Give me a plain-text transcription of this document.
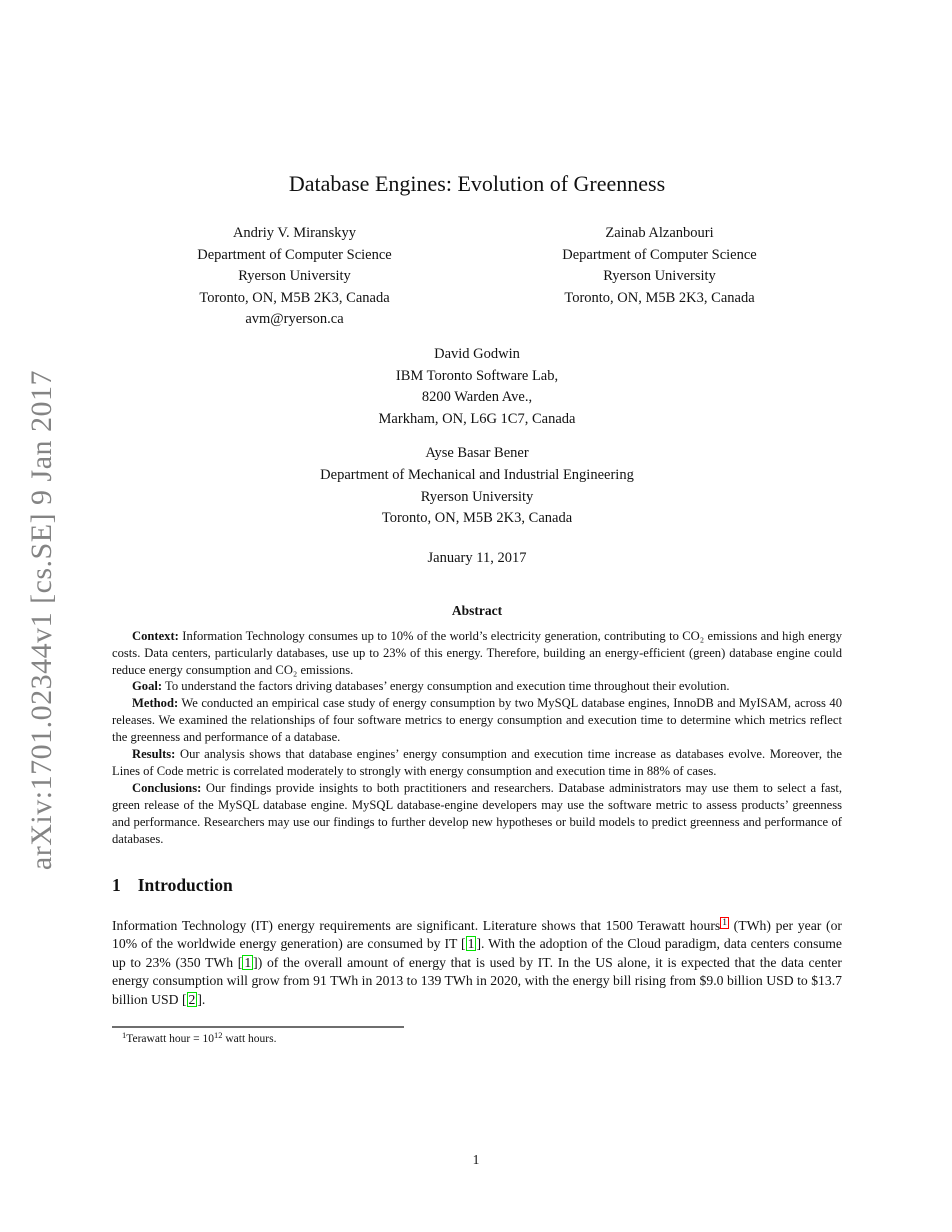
arXiv:1701.02344v1 [cs.SE] 9 Jan 2017
Database Engines: Evolution of Greenness
Andriy V. Miranskyy
Department of Computer Science
Ryerson University
Toronto, ON, M5B 2K3, Canada
avm@ryerson.ca
Zainab Alzanbouri
Department of Computer Science
Ryerson University
Toronto, ON, M5B 2K3, Canada
David Godwin
IBM Toronto Software Lab,
8200 Warden Ave.,
Markham, ON, L6G 1C7, Canada
Ayse Basar Bener
Department of Mechanical and Industrial Engineering
Ryerson University
Toronto, ON, M5B 2K3, Canada
January 11, 2017
Abstract

Context: Information Technology consumes up to 10% of the world’s electricity generation, contributing to CO₂ emissions and high energy costs. Data centers, particularly databases, use up to 23% of this energy. Therefore, building an energy-efficient (green) database engine could reduce energy consumption and CO₂ emissions.

Goal: To understand the factors driving databases’ energy consumption and execution time throughout their evolution.

Method: We conducted an empirical case study of energy consumption by two MySQL database engines, InnoDB and MyISAM, across 40 releases. We examined the relationships of four software metrics to energy consumption and execution time to determine which metrics reflect the greenness and performance of a database.

Results: Our analysis shows that database engines’ energy consumption and execution time increase as databases evolve. Moreover, the Lines of Code metric is correlated moderately to strongly with energy consumption and execution time in 88% of cases.

Conclusions: Our findings provide insights to both practitioners and researchers. Database administrators may use them to select a fast, green release of the MySQL database engine. MySQL database-engine developers may use the software metric to assess products’ greenness and performance. Researchers may use our findings to further develop new hypotheses or build models to predict greenness and performance of databases.

1 Introduction

Information Technology (IT) energy requirements are significant. Literature shows that 1500 Terawatt hours 1 (TWh) per year (or 10% of the worldwide energy generation) are consumed by IT [ 1 ]. With the adoption of the Cloud paradigm, data centers consume up to 23% (350 TWh [ 1 ]) of the overall amount of energy that is used by IT. In the US alone, it is expected that the data center energy consumption will grow from 91 TWh in 2013 to 139 TWh in 2020, with the energy bill rising from $9.0 billion USD to $13.7 billion USD [ 2 ].

$^1$Terawatt hour = $10^{12}$ watt hours.
1
